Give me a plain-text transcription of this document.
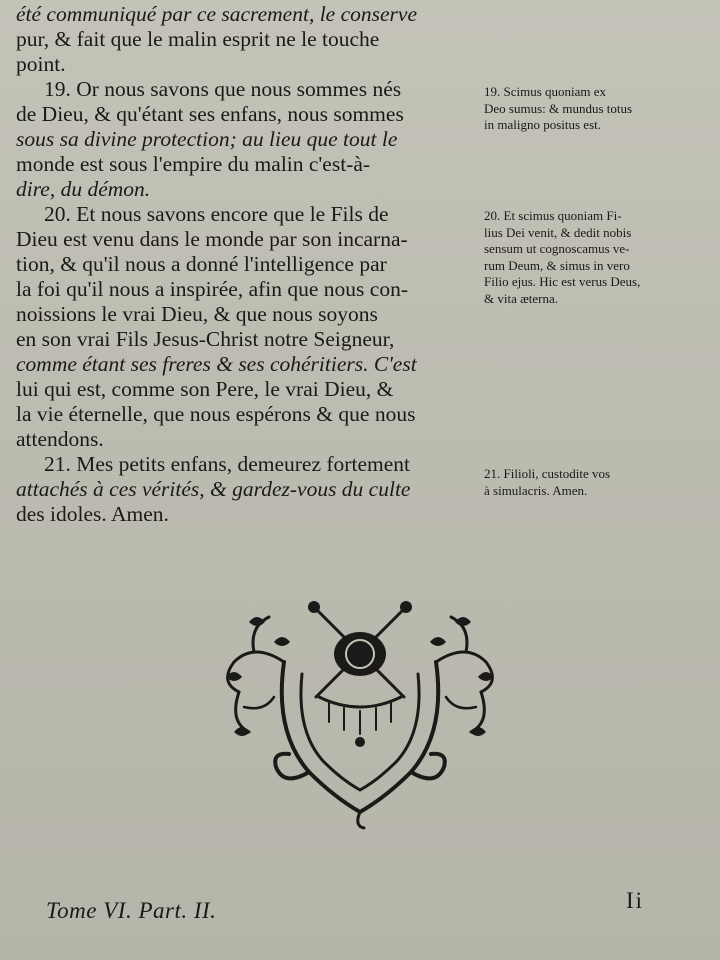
été communiqué par ce sacrement, le conserve
pur, & fait que le malin esprit ne le touche
point.

19. Or nous savons que nous sommes nés
de Dieu, & qu'étant ses enfans, nous sommes
sous sa divine protection; au lieu que tout le
monde est sous l'empire du malin c'est-à-
dire, du démon.

20. Et nous savons encore que le Fils de
Dieu est venu dans le monde par son incarna-
tion, & qu'il nous a donné l'intelligence par
la foi qu'il nous a inspirée, afin que nous con-
noissions le vrai Dieu, & que nous soyons
en son vrai Fils Jesus-Christ notre Seigneur,
comme étant ses freres & ses cohéritiers. C'est
lui qui est, comme son Pere, le vrai Dieu, &
la vie éternelle, que nous espérons & que nous
attendons.

21. Mes petits enfans, demeurez fortement
attachés à ces vérités, & gardez-vous du culte
des idoles. Amen.

19. Scimus quoniam ex
Deo sumus: & mundus totus
in maligno positus est.
20. Et scimus quoniam Fi-
lius Dei venit, & dedit nobis
sensum ut cognoscamus ve-
rum Deum, & simus in vero
Filio ejus. Hic est verus Deus,
& vita æterna.
21. Filioli, custodite vos
à simulacris. Amen.
Tome VI. Part. II.	Ii
